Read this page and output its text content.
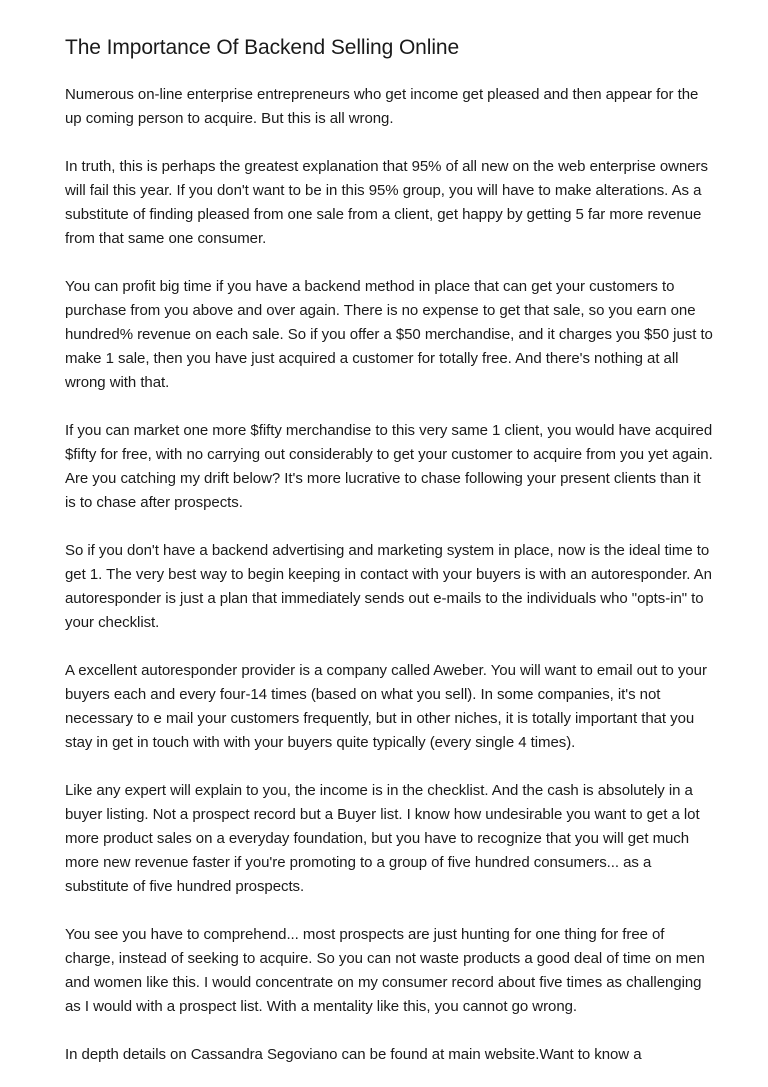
The Importance Of Backend Selling Online

Numerous on-line enterprise entrepreneurs who get income get pleased and then appear for the up coming person to acquire. But this is all wrong.

In truth, this is perhaps the greatest explanation that 95% of all new on the web enterprise owners will fail this year. If you don't want to be in this 95% group, you will have to make alterations. As a substitute of finding pleased from one sale from a client, get happy by getting 5 far more revenue from that same one consumer.

You can profit big time if you have a backend method in place that can get your customers to purchase from you above and over again. There is no expense to get that sale, so you earn one hundred% revenue on each sale. So if you offer a $50 merchandise, and it charges you $50 just to make 1 sale, then you have just acquired a customer for totally free. And there's nothing at all wrong with that.

If you can market one more $fifty merchandise to this very same 1 client, you would have acquired $fifty for free, with no carrying out considerably to get your customer to acquire from you yet again. Are you catching my drift below? It's more lucrative to chase following your present clients than it is to chase after prospects.

So if you don't have a backend advertising and marketing system in place, now is the ideal time to get 1. The very best way to begin keeping in contact with your buyers is with an autoresponder. An autoresponder is just a plan that immediately sends out e-mails to the individuals who "opts-in" to your checklist.

A excellent autoresponder provider is a company called Aweber. You will want to email out to your buyers each and every four-14 times (based on what you sell). In some companies, it's not necessary to e mail your customers frequently, but in other niches, it is totally important that you stay in get in touch with with your buyers quite typically (every single 4 times).

Like any expert will explain to you, the income is in the checklist. And the cash is absolutely in a buyer listing. Not a prospect record but a Buyer list. I know how undesirable you want to get a lot more product sales on a everyday foundation, but you have to recognize that you will get much more new revenue faster if you're promoting to a group of five hundred consumers... as a substitute of five hundred prospects.

You see you have to comprehend... most prospects are just hunting for one thing for free of charge, instead of seeking to acquire. So you can not waste products a good deal of time on men and women like this. I would concentrate on my consumer record about five times as challenging as I would with a prospect list. With a mentality like this, you cannot go wrong.

In depth details on Cassandra Segoviano can be found at main website.Want to know a
